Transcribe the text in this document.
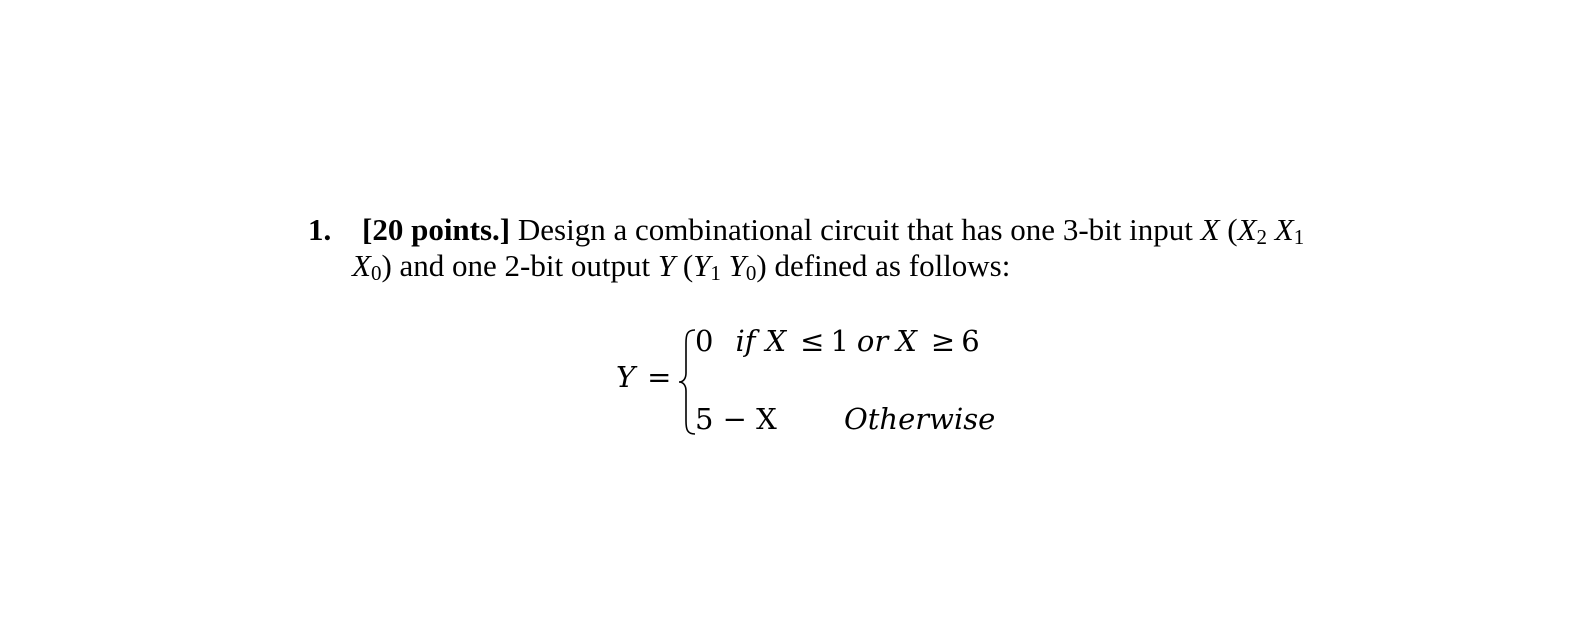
1. [20 points.] Design a combinational circuit that has one 3-bit input X (X2 X1
X0) and one 2-bit output Y (Y1 Y0) defined as follows:
Y =
0 if X ≤ 1 or X ≥ 6
5 − X Otherwise
